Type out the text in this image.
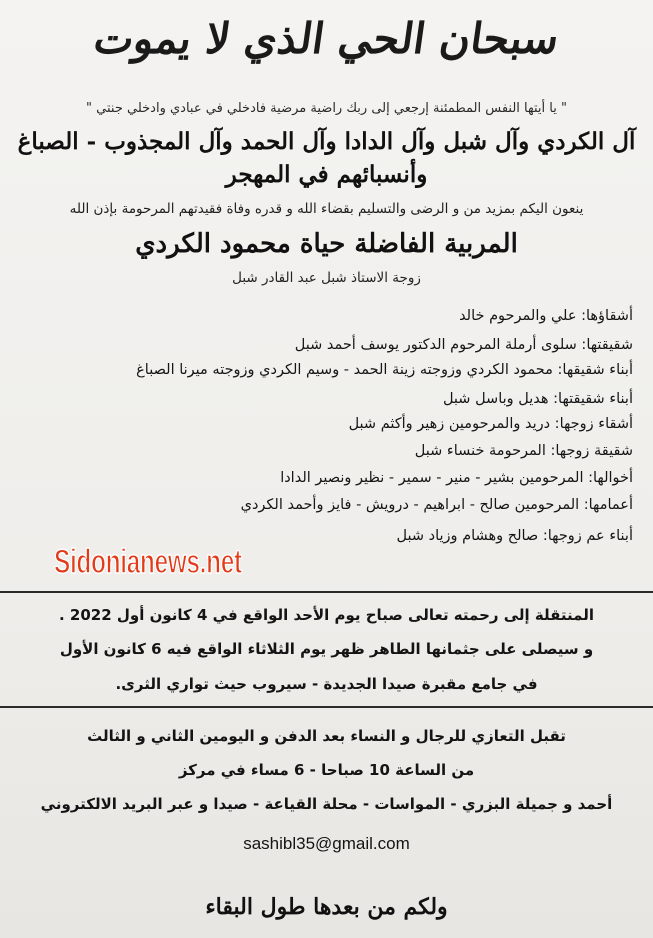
سبحان الحي الذي لا يموت
" يا أيتها النفس المطمئنة إرجعي إلى ربك راضية مرضية فادخلي في عبادي وادخلي جنتي "
آل الكردي وآل شبل وآل الدادا وآل الحمد وآل المجذوب - الصباغ
وأنسبائهم في المهجر
ينعون اليكم بمزيد من و الرضى والتسليم بقضاء الله و قدره وفاة فقيدتهم المرحومة بإذن الله
المربية الفاضلة حياة محمود الكردي
زوجة الاستاذ شبل عبد القادر شبل
أشقاؤها: علي والمرحوم خالد
شقيقتها: سلوى أرملة المرحوم الدكتور يوسف أحمد شبل
أبناء شقيقها: محمود الكردي وزوجته زينة الحمد - وسيم الكردي وزوجته ميرنا الصباغ
أبناء شقيقتها: هديل وباسل شبل
أشقاء زوجها: دريد والمرحومين زهير وأكثم شبل
شقيقة زوجها: المرحومة خنساء شبل
أخوالها: المرحومين بشير - منير - سمير - نظير ونصير الدادا
أعمامها: المرحومين صالح - ابراهيم - درويش - فايز وأحمد الكردي
أبناء عم زوجها: صالح وهشام وزياد شبل
Sidonianews.net
المنتقلة إلى رحمته تعالى صباح يوم الأحد الواقع في 4 كانون أول 2022 .
و سيصلى على جثمانها الطاهر ظهر يوم الثلاثاء الواقع فيه 6 كانون الأول
في جامع مقبرة صيدا الجديدة - سيروب حيث تواري الثرى.
تقبل التعازي للرجال و النساء بعد الدفن و اليومين الثاني و الثالث
من الساعة 10 صباحا - 6 مساء في مركز
أحمد و جميلة البزري - المواسات - محلة القياعة - صيدا و عبر البريد الالكتروني
sashibl35@gmail.com
ولكم من بعدها طول البقاء
